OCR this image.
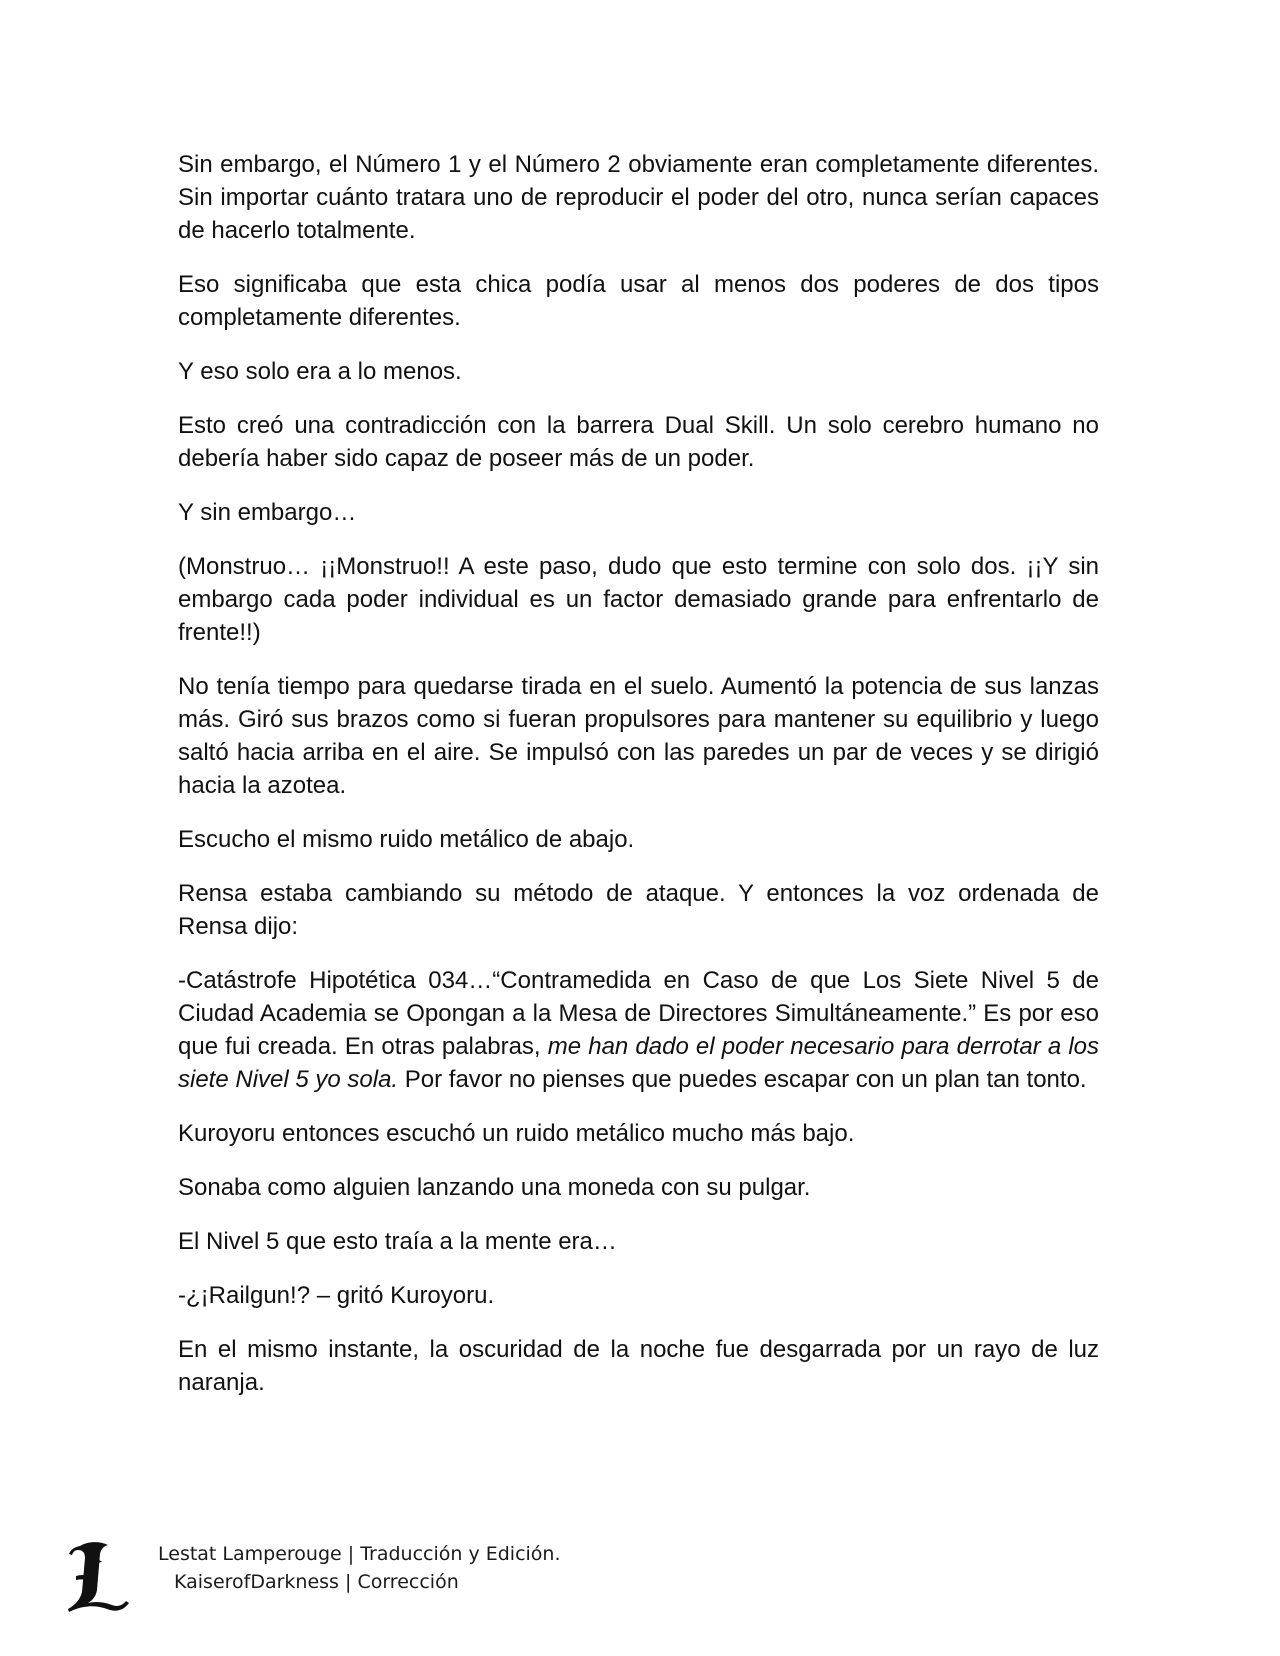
Sin embargo, el Número 1 y el Número 2 obviamente eran completamente diferentes. Sin importar cuánto tratara uno de reproducir el poder del otro, nunca serían capaces de hacerlo totalmente.

Eso significaba que esta chica podía usar al menos dos poderes de dos tipos completamente diferentes.

Y eso solo era a lo menos.

Esto creó una contradicción con la barrera Dual Skill. Un solo cerebro humano no debería haber sido capaz de poseer más de un poder.

Y sin embargo…

(Monstruo… ¡¡Monstruo!! A este paso, dudo que esto termine con solo dos. ¡¡Y sin embargo cada poder individual es un factor demasiado grande para enfrentarlo de frente!!)

No tenía tiempo para quedarse tirada en el suelo. Aumentó la potencia de sus lanzas más. Giró sus brazos como si fueran propulsores para mantener su equilibrio y luego saltó hacia arriba en el aire. Se impulsó con las paredes un par de veces y se dirigió hacia la azotea.

Escucho el mismo ruido metálico de abajo.

Rensa estaba cambiando su método de ataque. Y entonces la voz ordenada de Rensa dijo:

-Catástrofe Hipotética 034…“Contramedida en Caso de que Los Siete Nivel 5 de Ciudad Academia se Opongan a la Mesa de Directores Simultáneamente.” Es por eso que fui creada. En otras palabras, me han dado el poder necesario para derrotar a los siete Nivel 5 yo sola. Por favor no pienses que puedes escapar con un plan tan tonto.

Kuroyoru entonces escuchó un ruido metálico mucho más bajo.

Sonaba como alguien lanzando una moneda con su pulgar.

El Nivel 5 que esto traía a la mente era…

-¿¡Railgun!? – gritó Kuroyoru.

En el mismo instante, la oscuridad de la noche fue desgarrada por un rayo de luz naranja.

Lestat Lamperouge | Traducción y Edición.
KaiserofDarkness | Corrección
